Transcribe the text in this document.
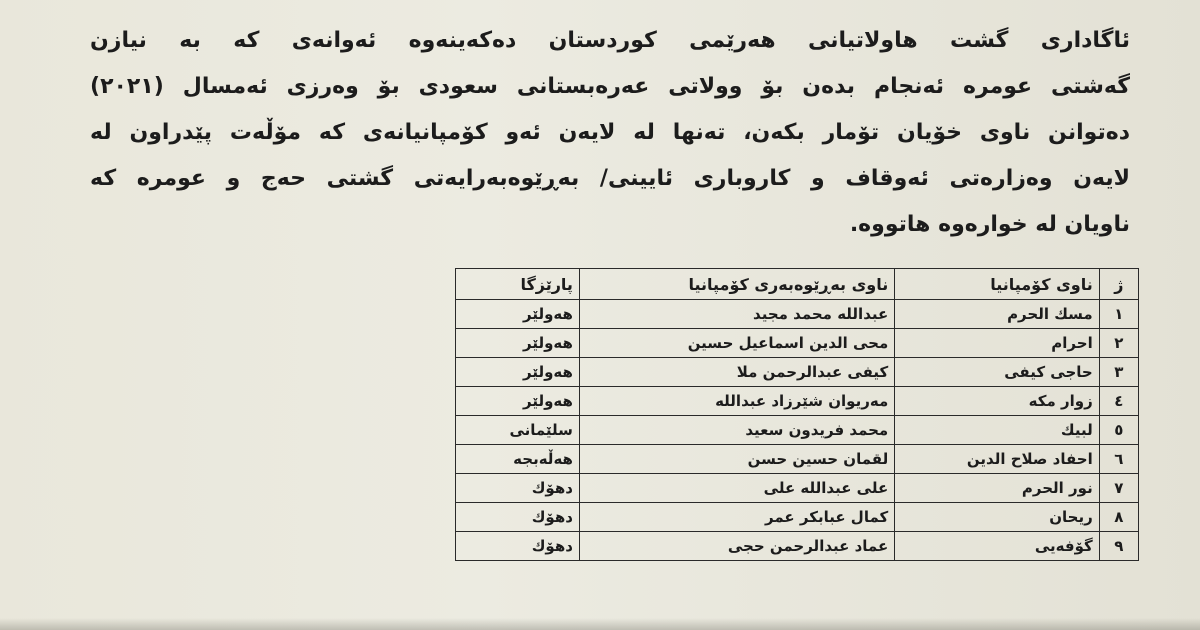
ئاگاداری گشت هاولاتیانی هەرێمی کوردستان دەکەینەوە ئەوانەی کە بە نیازن
گەشتی عومرە ئەنجام بدەن بۆ وولاتی عەرەبستانی سعودی بۆ وەرزی ئەمسال (٢٠٢١)
دەتوانن ناوی خۆیان تۆمار بکەن، تەنها لە لایەن ئەو کۆمپانیانەی کە مۆڵەت پێدراون لە
لایەن وەزارەتی ئەوقاف و کاروباری ئایینی/ بەڕێوەبەرایەتی گشتی حەج و عومرە کە
ناویان لە خوارەوە هاتووە.
ژ	ناوی کۆمپانیا	ناوی بەڕێوەبەری کۆمپانیا	پارێزگا
١	مسك الحرم	عبدالله محمد مجيد	هەولێر
٢	احرام	محى الدين اسماعيل حسين	هەولێر
٣	حاجى كيفى	كيفى عبدالرحمن ملا	هەولێر
٤	زوار مكه	مەريوان شێرزاد عبدالله	هەولێر
٥	لبيك	محمد فريدون سعيد	سلێمانی
٦	احفاد صلاح الدين	لقمان حسين حسن	هەڵەبجە
٧	نور الحرم	على عبدالله على	دهۆك
٨	ريحان	كمال عبابكر عمر	دهۆك
٩	گۆفەیی	عماد عبدالرحمن حجى	دهۆك
